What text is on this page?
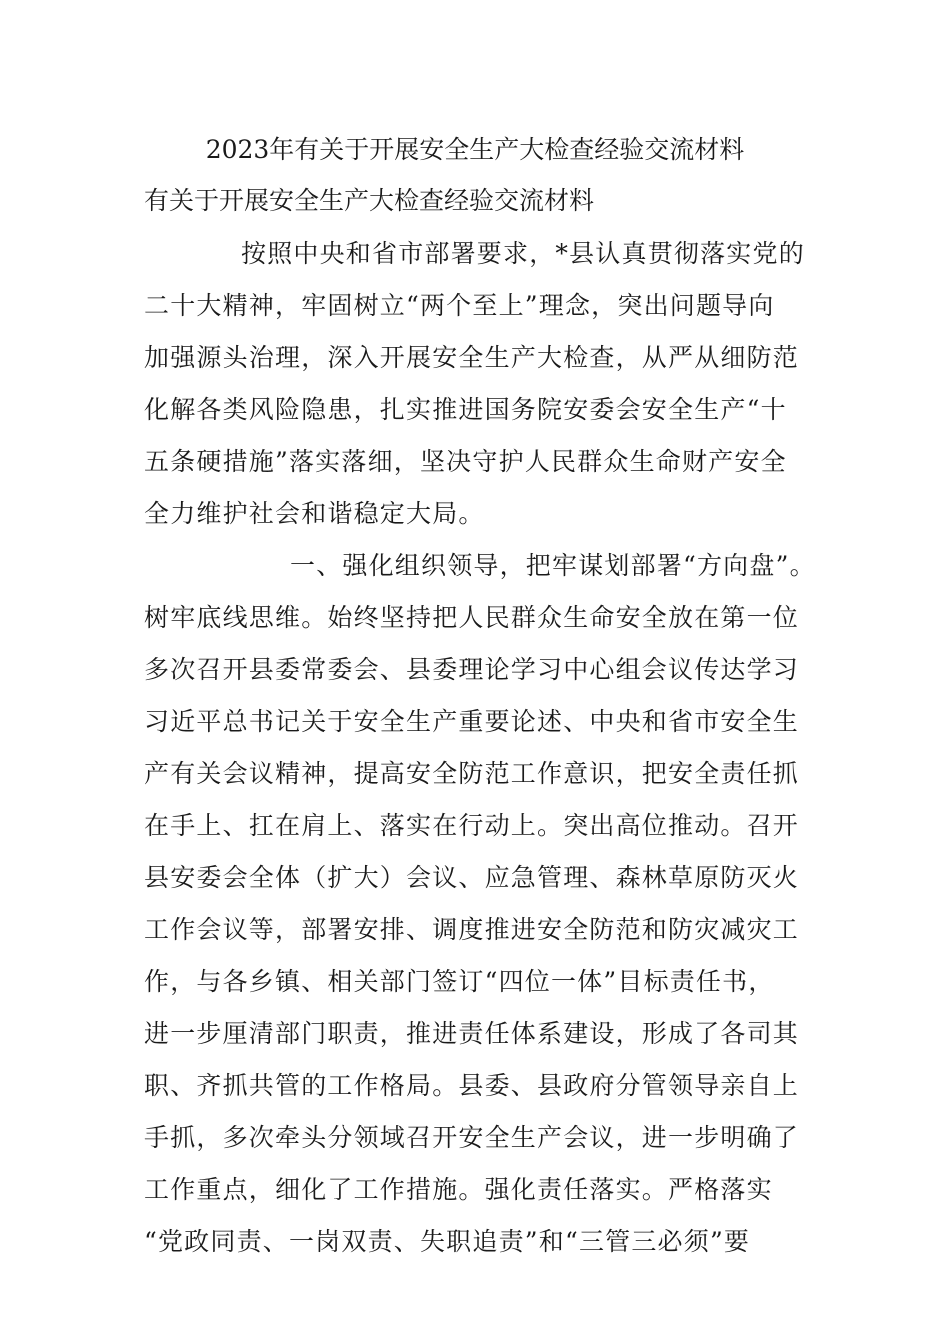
2023年有关于开展安全生产大检查经验交流材料
有关于开展安全生产大检查经验交流材料
按照中央和省市部署要求，*县认真贯彻落实党的
二十大精神，牢固树立“两个至上”理念，突出问题导向
加强源头治理，深入开展安全生产大检查，从严从细防范
化解各类风险隐患，扎实推进国务院安委会安全生产“十
五条硬措施”落实落细，坚决守护人民群众生命财产安全
全力维护社会和谐稳定大局。
一、强化组织领导，把牢谋划部署“方向盘”。
树牢底线思维。始终坚持把人民群众生命安全放在第一位
多次召开县委常委会、县委理论学习中心组会议传达学习
习近平总书记关于安全生产重要论述、中央和省市安全生
产有关会议精神，提高安全防范工作意识，把安全责任抓
在手上、扛在肩上、落实在行动上。突出高位推动。召开
县安委会全体（扩大）会议、应急管理、森林草原防灭火
工作会议等，部署安排、调度推进安全防范和防灾减灾工
作，与各乡镇、相关部门签订“四位一体”目标责任书，
进一步厘清部门职责，推进责任体系建设，形成了各司其
职、齐抓共管的工作格局。县委、县政府分管领导亲自上
手抓，多次牵头分领域召开安全生产会议，进一步明确了
工作重点，细化了工作措施。强化责任落实。严格落实
“党政同责、一岗双责、失职追责”和“三管三必须”要
